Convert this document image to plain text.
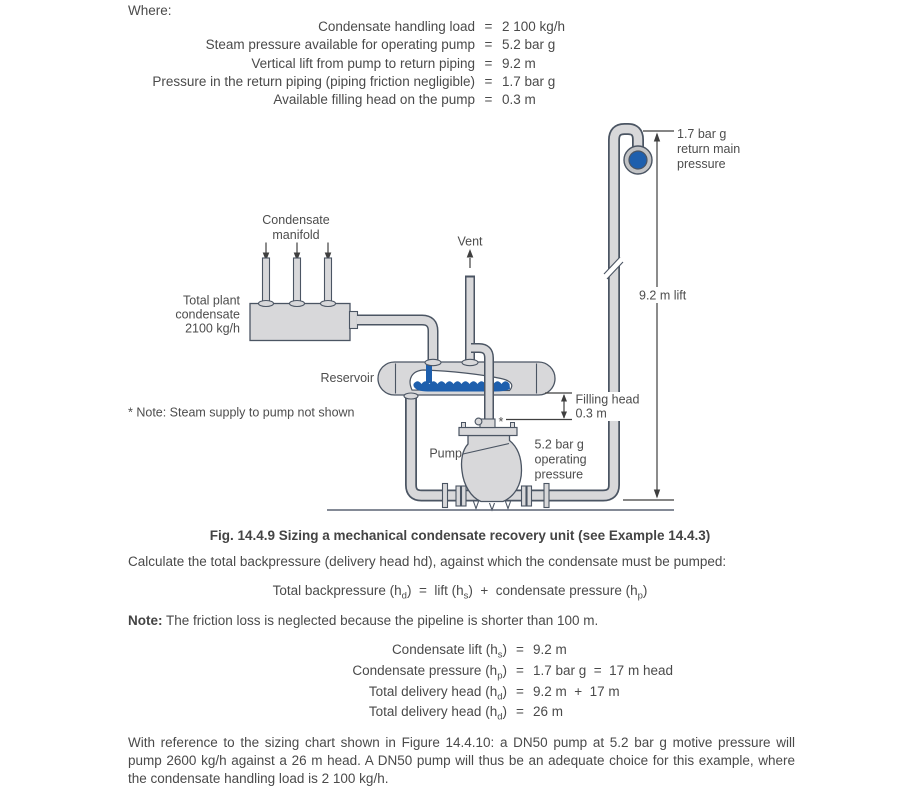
Where:
Condensate handling load = 2 100 kg/h
Steam pressure available for operating pump = 5.2 bar g
Vertical lift from pump to return piping = 9.2 m
Pressure in the return piping (piping friction negligible) = 1.7 bar g
Available filling head on the pump = 0.3 m
Condensate
manifold
Total plant
condensate
2100 kg/h
Vent
Reservoir
* Note: Steam supply to pump not shown
Pump
Filling head
0.3 m
5.2 bar g
operating
pressure
1.7 bar g
return main
pressure
9.2 m lift
*
Fig. 14.4.9 Sizing a mechanical condensate recovery unit (see Example 14.4.3)
Calculate the total backpressure (delivery head hd), against which the condensate must be pumped:
Total backpressure $(h_d)$  =  lift $(h_s)$  +  condensate pressure $(h_p)$
Note: The friction loss is neglected because the pipeline is shorter than 100 m.
Condensate lift $(h_s) = 9.2$ m
Condensate pressure $(h_p) = 1.7$ bar g  =  17 m head
Total delivery head $(h_d) = 9.2$ m  +  17 m
Total delivery head $(h_d) = 26$ m
With reference to the sizing chart shown in Figure 14.4.10: a DN50 pump at 5.2 bar g motive pressure will pump 2600 kg/h against a 26 m head. A DN50 pump will thus be an adequate choice for this example, where the condensate handling load is 2 100 kg/h.
